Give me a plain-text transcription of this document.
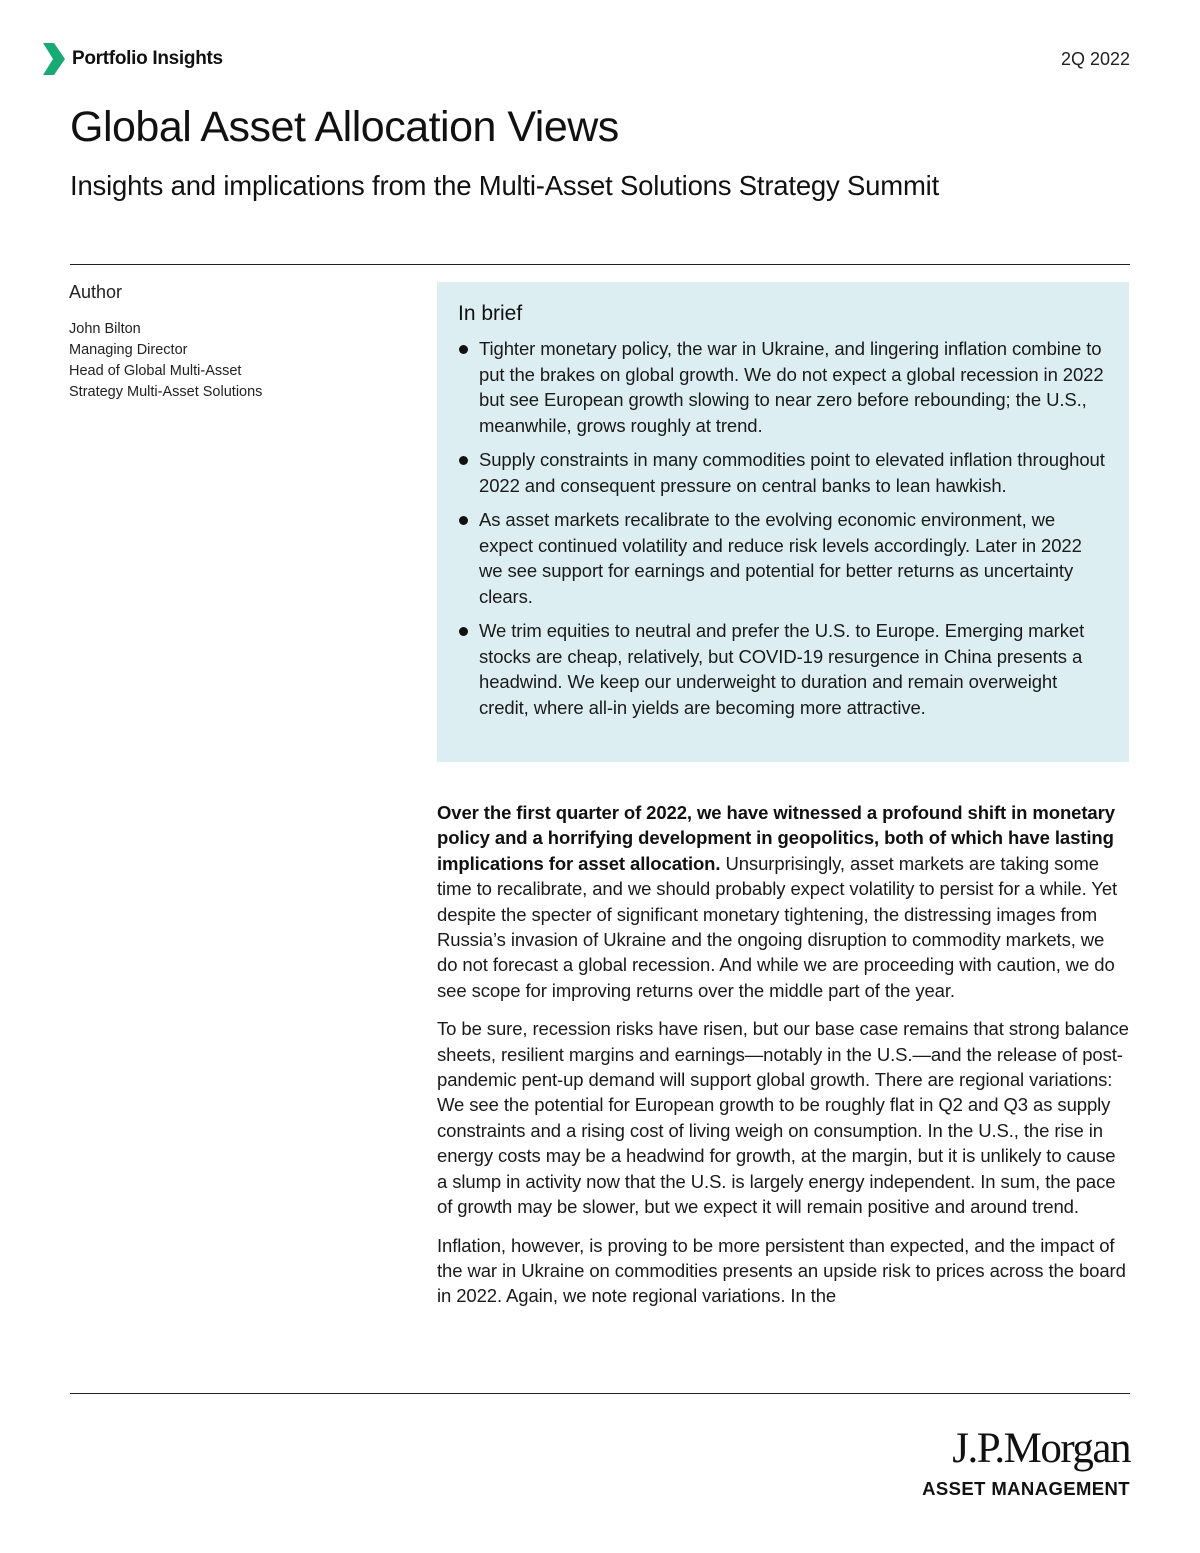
Portfolio Insights	2Q 2022
Global Asset Allocation Views
Insights and implications from the Multi-Asset Solutions Strategy Summit
Author
John Bilton
Managing Director
Head of Global Multi-Asset
Strategy Multi-Asset Solutions
In brief
Tighter monetary policy, the war in Ukraine, and lingering inflation combine to put the brakes on global growth. We do not expect a global recession in 2022 but see European growth slowing to near zero before rebounding; the U.S., meanwhile, grows roughly at trend.
Supply constraints in many commodities point to elevated inflation throughout 2022 and consequent pressure on central banks to lean hawkish.
As asset markets recalibrate to the evolving economic environment, we expect continued volatility and reduce risk levels accordingly. Later in 2022 we see support for earnings and potential for better returns as uncertainty clears.
We trim equities to neutral and prefer the U.S. to Europe. Emerging market stocks are cheap, relatively, but COVID-19 resurgence in China presents a headwind. We keep our underweight to duration and remain overweight credit, where all-in yields are becoming more attractive.

Over the first quarter of 2022, we have witnessed a profound shift in monetary policy and a horrifying development in geopolitics, both of which have lasting implications for asset allocation. Unsurprisingly, asset markets are taking some time to recalibrate, and we should probably expect volatility to persist for a while. Yet despite the specter of significant monetary tightening, the distressing images from Russia’s invasion of Ukraine and the ongoing disruption to commodity markets, we do not forecast a global recession. And while we are proceeding with caution, we do see scope for improving returns over the middle part of the year.

To be sure, recession risks have risen, but our base case remains that strong balance sheets, resilient margins and earnings—notably in the U.S.—and the release of post-pandemic pent-up demand will support global growth. There are regional variations: We see the potential for European growth to be roughly flat in Q2 and Q3 as supply constraints and a rising cost of living weigh on consumption. In the U.S., the rise in energy costs may be a headwind for growth, at the margin, but it is unlikely to cause a slump in activity now that the U.S. is largely energy independent. In sum, the pace of growth may be slower, but we expect it will remain positive and around trend.

Inflation, however, is proving to be more persistent than expected, and the impact of the war in Ukraine on commodities presents an upside risk to prices across the board in 2022. Again, we note regional variations. In the

J.P.Morgan
ASSET MANAGEMENT
